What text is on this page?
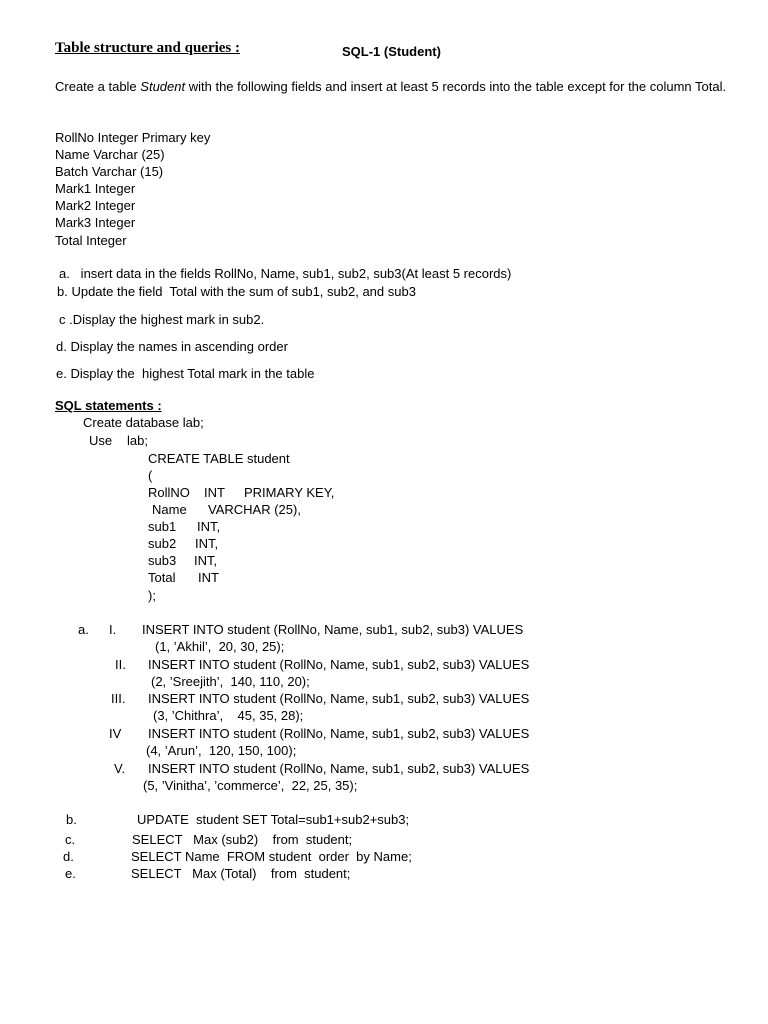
Table structure and queries :	SQL-1 (Student)
Create a table Student with the following fields and insert at least 5 records into the table except for the column Total.
RollNo Integer Primary key
Name Varchar (25)
Batch Varchar (15)
Mark1 Integer
Mark2 Integer
Mark3 Integer
Total Integer
a.   insert data in the fields RollNo, Name, sub1, sub2, sub3(At least 5 records)
b. Update the field  Total with the sum of sub1, sub2, and sub3
c .Display the highest mark in sub2.
d. Display the names in ascending order
e. Display the  highest Total mark in the table
SQL statements :
Create database lab;
Use lab;
CREATE TABLE student
(
RollNO INT PRIMARY KEY,
Name VARCHAR (25),
sub1 INT,
sub2 INT,
sub3 INT,
Total INT
);
a. I. INSERT INTO student (RollNo, Name, sub1, sub2, sub3) VALUES
(1, ’Akhil’,  20, 30, 25);
II. INSERT INTO student (RollNo, Name, sub1, sub2, sub3) VALUES
(2, ’Sreejith’,  140, 110, 20);
III. INSERT INTO student (RollNo, Name, sub1, sub2, sub3) VALUES
(3, ’Chithra’,    45, 35, 28);
IV INSERT INTO student (RollNo, Name, sub1, sub2, sub3) VALUES
(4, ’Arun’,  120, 150, 100);
V. INSERT INTO student (RollNo, Name, sub1, sub2, sub3) VALUES
(5, ’Vinitha’, ’commerce’,  22, 25, 35);
b.	UPDATE  student SET Total=sub1+sub2+sub3;
c.	SELECT   Max (sub2)    from  student;
d.	SELECT Name  FROM student  order  by Name;
e.	SELECT   Max (Total)    from  student;
